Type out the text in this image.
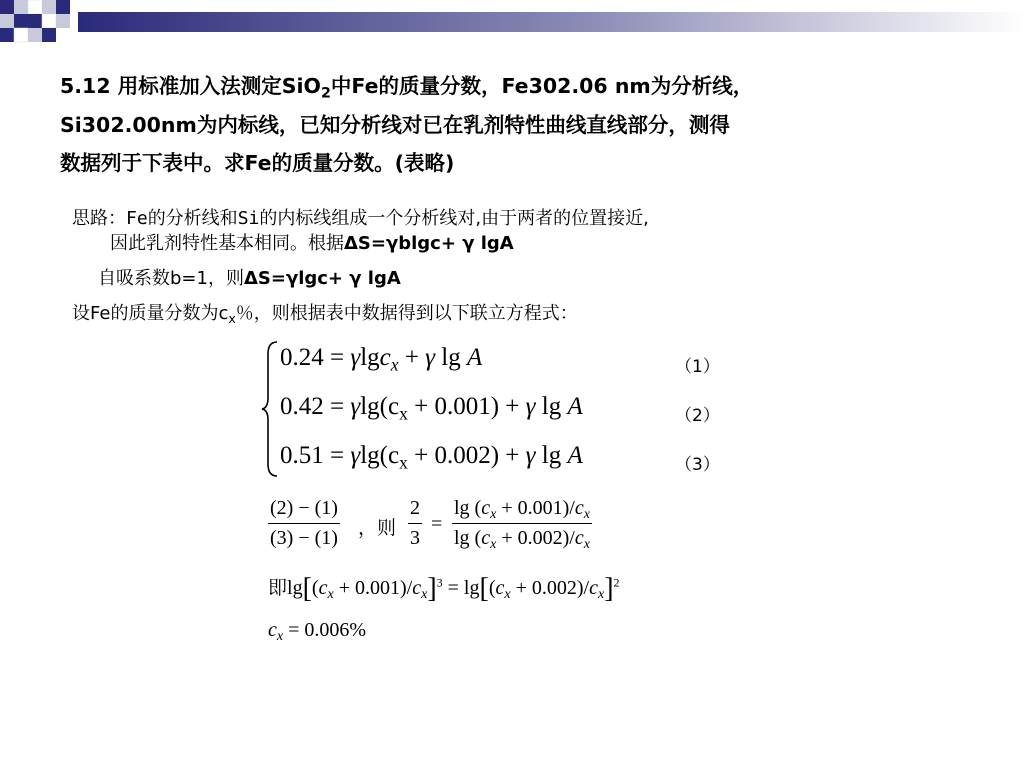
5.12 用标准加入法测定SiO$_2$中Fe的质量分数，Fe302.06 nm为分析线，

Si302.00nm为内标线，已知分析线对已在乳剂特性曲线直线部分，测得

数据列于下表中。求Fe的质量分数。(表略)

思路：Fe的分析线和Si的内标线组成一个分析线对,由于两者的位置接近,

因此乳剂特性基本相同。根据ΔS=γblgc+ γ lgA

自吸系数b=1，则ΔS=γlgc+ γ lgA

设Fe的质量分数为$c_x$％，则根据表中数据得到以下联立方程式：

0.24 = γlgc$_x$ + γ lg A	（1）
$0.42 = \gamma\lg(c_x + 0.001) + \gamma$ lg A	（2）
$0.51 = \gamma\lg(c_x + 0.002) + \gamma$ lg A	（3）
(2) − (1)
(3) − (1) ，则
2
3
=
$\lg (c_x + 0.001)/c_x$
$\lg (c_x + 0.002)/c_x$
即$\lg[(c_x + 0.001)/c_x]^3 = \lg[(c_x + 0.002)/c_x]^2$
$c_x = 0.006\%$
